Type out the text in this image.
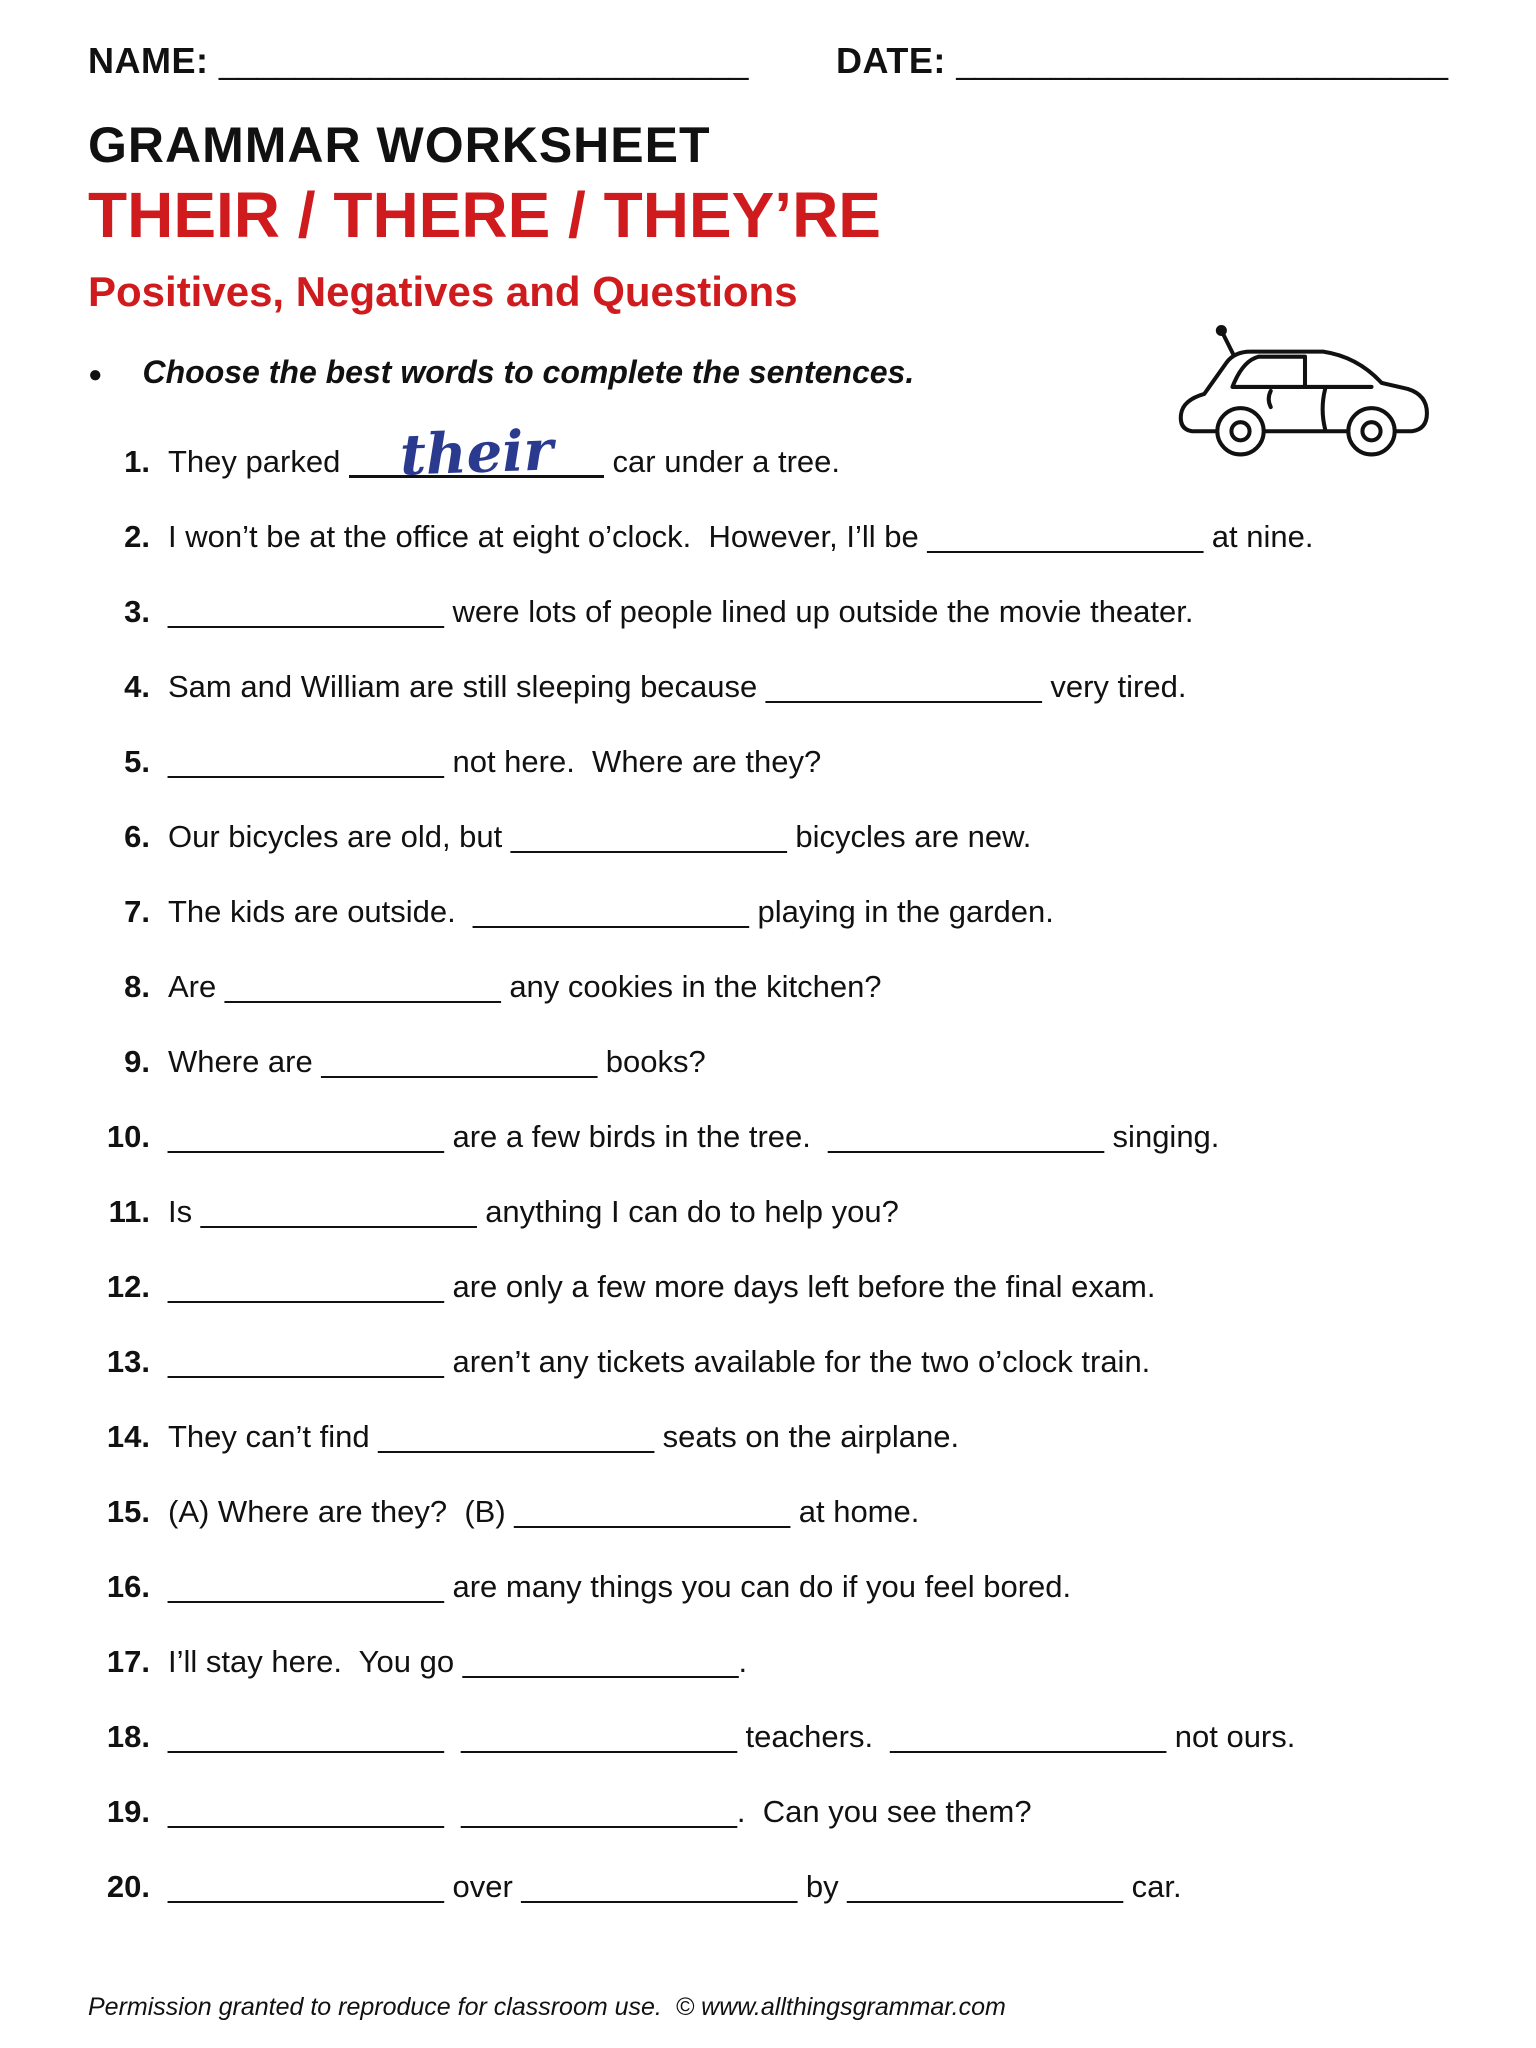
NAME: ____________________________ DATE: __________________________
GRAMMAR WORKSHEET
THEIR / THERE / THEY’RE
Positives, Negatives and Questions
● Choose the best words to complete the sentences.
1. They parked their	car under a tree.
2. I won’t be at the office at eight o’clock.  However, I’ll be ________________ at nine.
3. ________________ were lots of people lined up outside the movie theater.
4. Sam and William are still sleeping because ________________ very tired.
5. ________________ not here.  Where are they?
6. Our bicycles are old, but ________________ bicycles are new.
7. The kids are outside.  ________________ playing in the garden.
8. Are ________________ any cookies in the kitchen?
9. Where are ________________ books?
10. ________________ are a few birds in the tree.  ________________ singing.
11. Is ________________ anything I can do to help you?
12. ________________ are only a few more days left before the final exam.
13. ________________ aren’t any tickets available for the two o’clock train.
14. They can’t find ________________ seats on the airplane.
15. (A) Where are they?  (B) ________________ at home.
16. ________________ are many things you can do if you feel bored.
17. I’ll stay here.  You go ________________.
18. ________________  ________________ teachers.  ________________ not ours.
19. ________________  ________________.  Can you see them?
20. ________________ over ________________ by ________________ car.
Permission granted to reproduce for classroom use.  © www.allthingsgrammar.com
